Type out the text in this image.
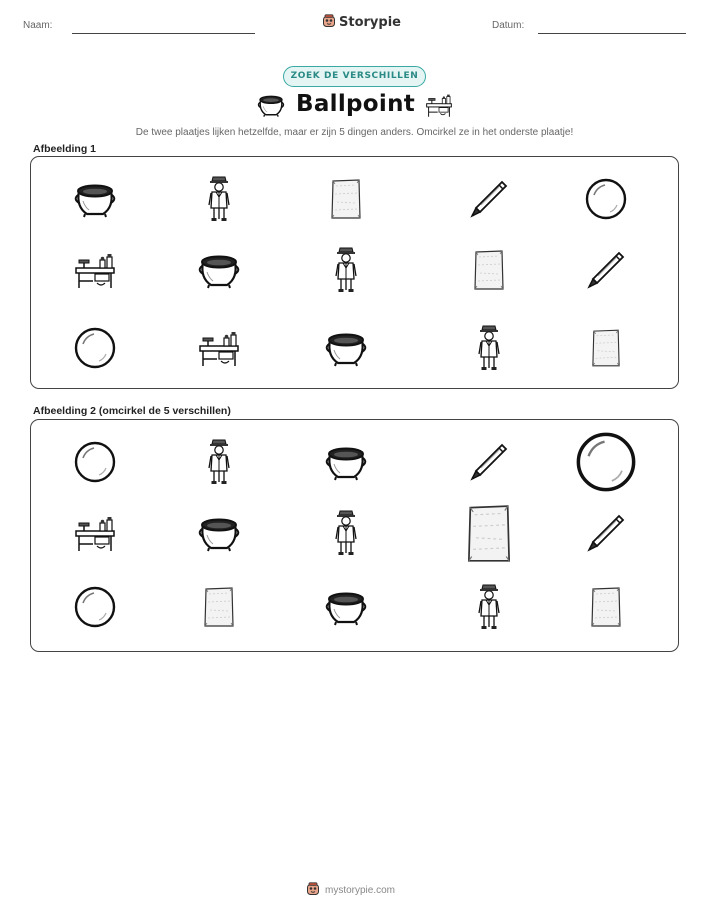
Naam:	Storypie	Datum:
ZOEK DE VERSCHILLEN
Ballpoint
De twee plaatjes lijken hetzelfde, maar er zijn 5 dingen anders. Omcirkel ze in het onderste plaatje!
Afbeelding 1
Afbeelding 2 (omcirkel de 5 verschillen)
mystorypie.com
